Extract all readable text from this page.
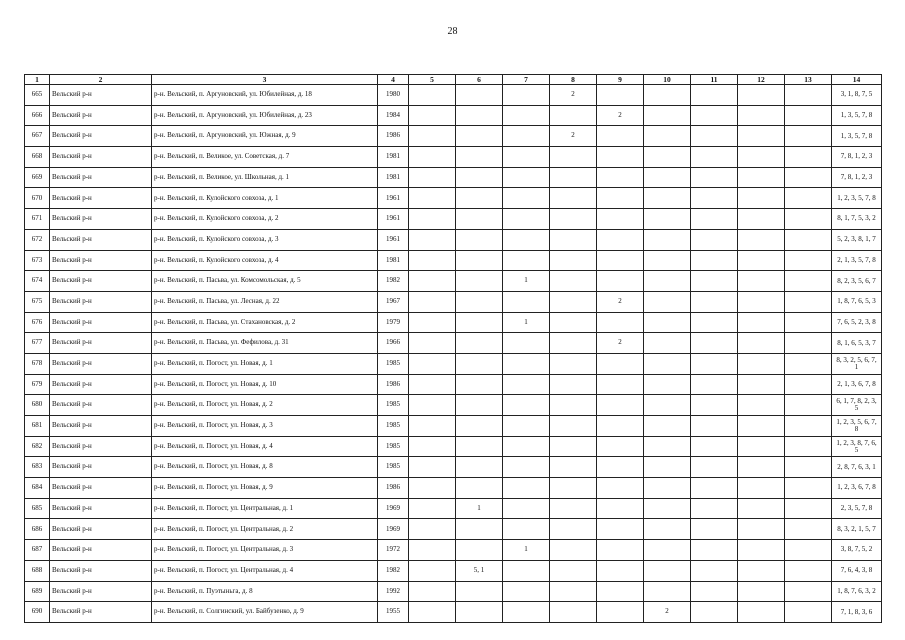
28
1	2	3	4	5	6	7	8	9	10	11	12	13	14
665	Вельский р-н	р-н. Вельский, п. Аргуновский, ул. Юбилейная, д. 18	1980				2						3, 1, 8, 7, 5
666	Вельский р-н	р-н. Вельский, п. Аргуновский, ул. Юбилейная, д. 23	1984					2					1, 3, 5, 7, 8
667	Вельский р-н	р-н. Вельский, п. Аргуновский, ул. Южная, д. 9	1986				2						1, 3, 5, 7, 8
668	Вельский р-н	р-н. Вельский, п. Великое, ул. Советская, д. 7	1981										7, 8, 1, 2, 3
669	Вельский р-н	р-н. Вельский, п. Великое, ул. Школьная, д. 1	1981										7, 8, 1, 2, 3
670	Вельский р-н	р-н. Вельский, п. Кулойского совхоза, д. 1	1961										1, 2, 3, 5, 7, 8
671	Вельский р-н	р-н. Вельский, п. Кулойского совхоза, д. 2	1961										8, 1, 7, 5, 3, 2
672	Вельский р-н	р-н. Вельский, п. Кулойского совхоза, д. 3	1961										5, 2, 3, 8, 1, 7
673	Вельский р-н	р-н. Вельский, п. Кулойского совхоза, д. 4	1981										2, 1, 3, 5, 7, 8
674	Вельский р-н	р-н. Вельский, п. Пасьва, ул. Комсомольская, д. 5	1982			1							8, 2, 3, 5, 6, 7
675	Вельский р-н	р-н. Вельский, п. Пасьва, ул. Лесная, д. 22	1967					2					1, 8, 7, 6, 5, 3
676	Вельский р-н	р-н. Вельский, п. Пасьва, ул. Стахановская, д. 2	1979			1							7, 6, 5, 2, 3, 8
677	Вельский р-н	р-н. Вельский, п. Пасьва, ул. Фефилова, д. 31	1966					2					8, 1, 6, 5, 3, 7
678	Вельский р-н	р-н. Вельский, п. Погост, ул. Новая, д. 1	1985										8, 3, 2, 5, 6, 7, 1
679	Вельский р-н	р-н. Вельский, п. Погост, ул. Новая, д. 10	1986										2, 1, 3, 6, 7, 8
680	Вельский р-н	р-н. Вельский, п. Погост, ул. Новая, д. 2	1985										6, 1, 7, 8, 2, 3, 5
681	Вельский р-н	р-н. Вельский, п. Погост, ул. Новая, д. 3	1985										1, 2, 3, 5, 6, 7, 8
682	Вельский р-н	р-н. Вельский, п. Погост, ул. Новая, д. 4	1985										1, 2, 3, 8, 7, 6, 5
683	Вельский р-н	р-н. Вельский, п. Погост, ул. Новая, д. 8	1985										2, 8, 7, 6, 3, 1
684	Вельский р-н	р-н. Вельский, п. Погост, ул. Новая, д. 9	1986										1, 2, 3, 6, 7, 8
685	Вельский р-н	р-н. Вельский, п. Погост, ул. Центральная, д. 1	1969		1								2, 3, 5, 7, 8
686	Вельский р-н	р-н. Вельский, п. Погост, ул. Центральная, д. 2	1969										8, 3, 2, 1, 5, 7
687	Вельский р-н	р-н. Вельский, п. Погост, ул. Центральная, д. 3	1972			1							3, 8, 7, 5, 2
688	Вельский р-н	р-н. Вельский, п. Погост, ул. Центральная, д. 4	1982		5, 1								7, 6, 4, 3, 8
689	Вельский р-н	р-н. Вельский, п. Пуэтыньга, д. 8	1992										1, 8, 7, 6, 3, 2
690	Вельский р-н	р-н. Вельский, п. Солгинский, ул. Байбузенко, д. 9	1955						2				7, 1, 8, 3, 6
